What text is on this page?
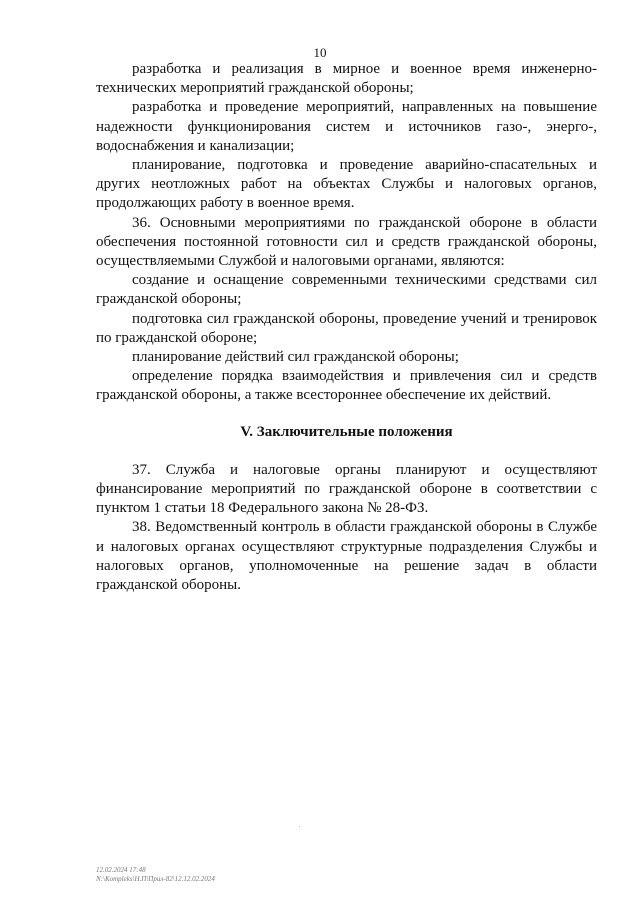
10

разработка и реализация в мирное и военное время инженерно-технических мероприятий гражданской обороны;

разработка и проведение мероприятий, направленных на повышение надежности функционирования систем и источников газо-, энерго-, водоснабжения и канализации;

планирование, подготовка и проведение аварийно-спасательных и других неотложных работ на объектах Службы и налоговых органов, продолжающих работу в военное время.

36. Основными мероприятиями по гражданской обороне в области обеспечения постоянной готовности сил и средств гражданской обороны, осуществляемыми Службой и налоговыми органами, являются:

создание и оснащение современными техническими средствами сил гражданской обороны;

подготовка сил гражданской обороны, проведение учений и тренировок по гражданской обороне;

планирование действий сил гражданской обороны;

определение порядка взаимодействия и привлечения сил и средств гражданской обороны, а также всестороннее обеспечение их действий.

V. Заключительные положения

37. Служба и налоговые органы планируют и осуществляют финансирование мероприятий по гражданской обороне в соответствии с пунктом 1 статьи 18 Федерального закона № 28-ФЗ.

38. Ведомственный контроль в области гражданской обороны в Службе и налоговых органах осуществляют структурные подразделения Службы и налоговых органов, уполномоченные на решение задач в области гражданской обороны.

12.02.2024 17:48
N:\Kompleks\Н.П\Прил-82\12.12.02.2024
